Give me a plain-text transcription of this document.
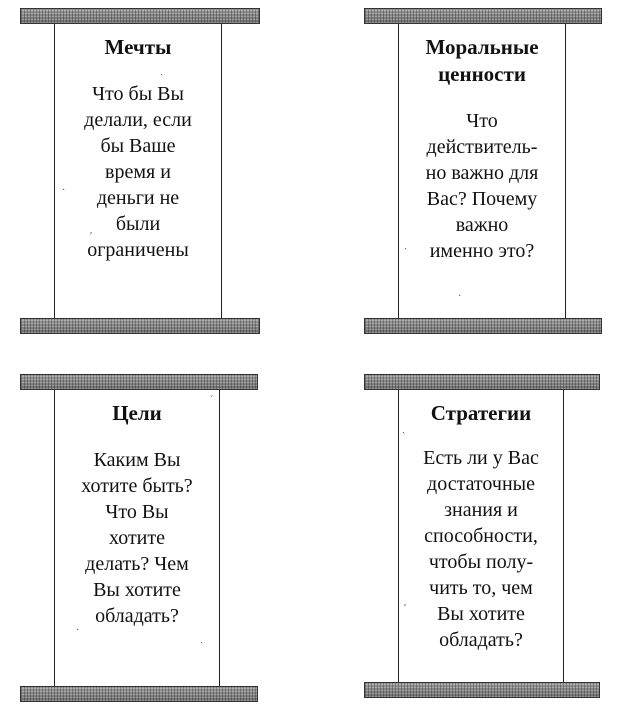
Мечты
Что бы Вы
делали, если
бы Ваше
время и
деньги не
были
ограничены
Моральные
ценности
Что
действитель-
но важно для
Вас? Почему
важно
именно это?
Цели
Каким Вы
хотите быть?
Что Вы
хотите
делать? Чем
Вы хотите
обладать?
Стратегии
Есть ли у Вас
достаточные
знания и
способности,
чтобы полу-
чить то, чем
Вы хотите
обладать?
ˎ
·
ʹ
ˏ
·
ˊ
ˎ
·
ˏ
ʹ
